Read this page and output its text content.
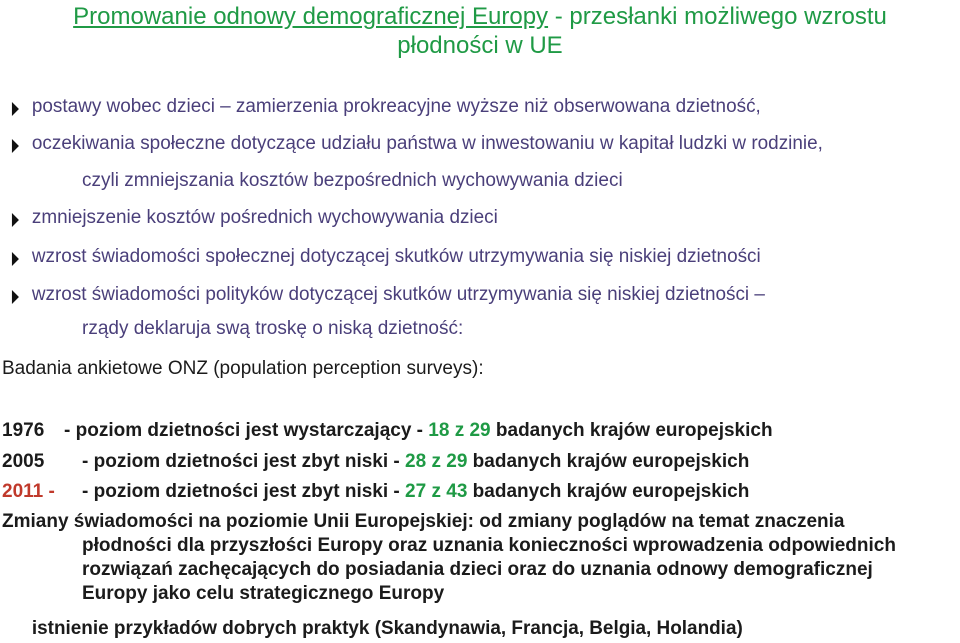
Promowanie odnowy demograficznej Europy - przesłanki możliwego wzrostu
płodności w UE
postawy wobec dzieci – zamierzenia prokreacyjne wyższe niż obserwowana dzietność,
oczekiwania społeczne dotyczące udziału państwa w inwestowaniu w kapitał ludzki w rodzinie,
czyli zmniejszania kosztów bezpośrednich wychowywania dzieci
zmniejszenie kosztów pośrednich wychowywania dzieci
wzrost świadomości społecznej dotyczącej skutków utrzymywania się niskiej dzietności
wzrost świadomości polityków dotyczącej skutków utrzymywania się niskiej dzietności –
rządy deklaruja swą troskę o niską dzietność:
Badania ankietowe ONZ (population perception surveys):
1976 - poziom dzietności jest wystarczający - 18 z 29 badanych krajów europejskich
2005 - poziom dzietności jest zbyt niski - 28 z 29 badanych krajów europejskich
2011 - - poziom dzietności jest zbyt niski - 27 z 43 badanych krajów europejskich
Zmiany świadomości na poziomie Unii Europejskiej: od zmiany poglądów na temat znaczenia
płodności dla przyszłości Europy oraz uznania konieczności wprowadzenia odpowiednich
rozwiązań zachęcających do posiadania dzieci oraz do uznania odnowy demograficznej
Europy jako celu strategicznego Europy
istnienie przykładów dobrych praktyk (Skandynawia, Francja, Belgia, Holandia)
